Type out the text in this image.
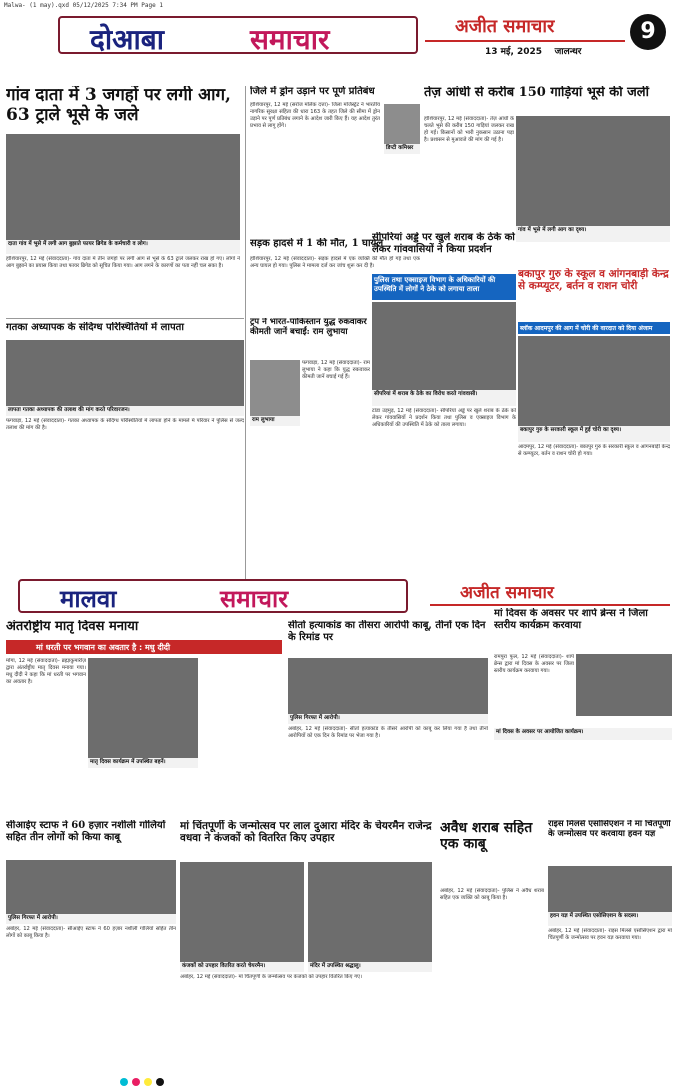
Malwa- (1 may).qxd 05/12/2025 7:34 PM Page 1
दोआबा	समाचार	अजीत समाचार
13 मई, 2025 जालन्धर
9
गांव दाता में 3 जगहों पर लगी आग, 63 ट्राले भूसे के जले
दाता गांव में भूसे में लगी आग बुझाते फायर ब्रिगेड के कर्मचारी व लोग।
होशियारपुर, 12 मई (संवाददाता)- गांव दाता में तीन जगहों पर लगी आग से भूसे के 63 ट्राले जलकर राख हो गए। लोगों ने आग बुझाने का प्रयास किया तथा फायर ब्रिगेड को सूचित किया गया। आग लगने के कारणों का पता नहीं चल सका है।
जिले में ड्रोन उड़ाने पर पूर्ण प्रतिबंध
होशियारपुर, 12 मई (सरोज मलिक दत्ता)- जिला मजिस्ट्रेट ने भारतीय नागरिक सुरक्षा संहिता की धारा 163 के तहत जिले की सीमा में ड्रोन उड़ाने पर पूर्ण प्रतिबंध लगाने के आदेश जारी किए हैं। यह आदेश तुरंत प्रभाव से लागू होंगे।
डिप्टी कमिश्नर
तेज़ आंधी से करीब 150 गाड़ियां भूसे की जलीं
होशियारपुर, 12 मई (संवाददाता)- तेज़ आंधी के चलते भूसे की करीब 150 गाड़ियां जलकर राख हो गईं। किसानों को भारी नुकसान उठाना पड़ा है। प्रशासन से मुआवजे की मांग की गई है।
गांव में भूसे में लगी आग का दृश्य।
सड़क हादसे में 1 की मौत, 1 घायल
होशियारपुर, 12 मई (संवाददाता)- सड़क हादसे में एक व्यक्ति की मौत हो गई तथा एक अन्य घायल हो गया। पुलिस ने मामला दर्ज कर जांच शुरू कर दी है।
बकापुर गुरु के स्कूल व आंगनबाड़ी केन्द्र से कम्प्यूटर, बर्तन व राशन चोरी
ब्लॉक आदमपुर की आग में चोरी की वारदात को दिया अंजाम
बकापुर गुरु के सरकारी स्कूल में हुई चोरी का दृश्य।
आदमपुर, 12 मई (संवाददाता)- बकापुर गुरु के सरकारी स्कूल व आंगनबाड़ी केन्द्र से कम्प्यूटर, बर्तन व राशन चोरी हो गया।
गतका अध्यापक के संदिग्ध परिस्थितियों में लापता
लापता गतका अध्यापक की तलाश की मांग करते परिवारजन।
फगवाड़ा, 12 मई (संवाददाता)- गतका अध्यापक के संदिग्ध परिस्थितियों में लापता होने के मामले में परिवार ने पुलिस से जल्द तलाश की मांग की है।
ट्रंप ने भारत-पाकिस्तान युद्ध रुकवाकर कीमती जानें बचाईं: राम लुभाया
राम लुभाया
फगवाड़ा, 12 मई (संवाददाता)- राम लुभाया ने कहा कि युद्ध रुकवाकर कीमती जानें बचाई गई हैं।
सीपरियां अड्डे पर खुले शराब के ठेके को लेकर गांववासियों ने किया प्रदर्शन
पुलिस तथा एक्साइज विभाग के अधिकारियों की उपस्थिति में लोगों ने ठेके को लगाया ताला
सीपरियां में शराब के ठेके का विरोध करते गांववासी।
टांडा उड़मुड़, 12 मई (संवाददाता)- सीपरियां अड्डे पर खुले शराब के ठेके को लेकर गांववासियों ने प्रदर्शन किया तथा पुलिस व एक्साइज विभाग के अधिकारियों की उपस्थिति में ठेके को ताला लगाया।
मालवा	समाचार	अजीत समाचार
अंतर्राष्ट्रीय मातृ दिवस मनाया
मां धरती पर भगवान का अवतार है : मधु दीदी
मातृ दिवस कार्यक्रम में उपस्थित बहनें।
मोगा, 12 मई (संवाददाता)- ब्रह्माकुमारीज़ द्वारा अंतर्राष्ट्रीय मातृ दिवस मनाया गया। मधु दीदी ने कहा कि मां धरती पर भगवान का अवतार है।
सीतो हत्याकांड का तीसरा आरोपी काबू, तीनों एक दिन के रिमांड पर
पुलिस गिरफ्त में आरोपी।
अबोहर, 12 मई (संवाददाता)- सीतो हत्याकांड के तीसरे आरोपी को काबू कर लिया गया है तथा तीनों आरोपियों को एक दिन के रिमांड पर भेजा गया है।
मां दिवस के अवसर पर शार्प ब्रेन्स ने जिला स्तरीय कार्यक्रम करवाया
रामपुरा फूल, 12 मई (संवाददाता)- शार्प ब्रेन्स द्वारा मां दिवस के अवसर पर जिला स्तरीय कार्यक्रम करवाया गया।
मां दिवस के अवसर पर आयोजित कार्यक्रम।
सीआईए स्टाफ ने 60 हज़ार नशीली गोलियों सहित तीन लोगों को किया काबू
पुलिस गिरफ्त में आरोपी।
अबोहर, 12 मई (संवाददाता)- सीआईए स्टाफ ने 60 हज़ार नशीली गोलियों सहित तीन लोगों को काबू किया है।
मां चिंतपूर्णी के जन्मोत्सव पर लाल दुआरा मंदिर के चेयरमैन राजेन्द्र वधवा ने कंजकों को वितरित किए उपहार
कंजकों को उपहार वितरित करते चेयरमैन।	मंदिर में उपस्थित श्रद्धालु।
अबोहर, 12 मई (संवाददाता)- मां चिंतपूर्णी के जन्मोत्सव पर कंजकों को उपहार वितरित किए गए।
अवैध शराब सहित एक काबू
अबोहर, 12 मई (संवाददाता)- पुलिस ने अवैध शराब सहित एक व्यक्ति को काबू किया है।
राइस मिलर्स एसोसिएशन ने मां चिंतपूर्णी के जन्मोत्सव पर करवाया हवन यज्ञ
हवन यज्ञ में उपस्थित एसोसिएशन के सदस्य।
अबोहर, 12 मई (संवाददाता)- राइस मिलर्स एसोसिएशन द्वारा मां चिंतपूर्णी के जन्मोत्सव पर हवन यज्ञ करवाया गया।
